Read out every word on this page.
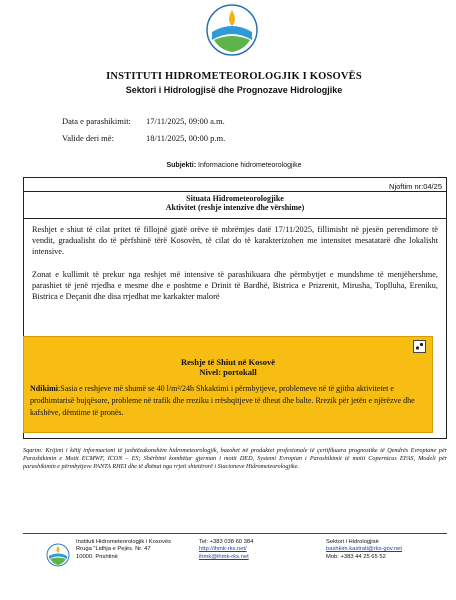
INSTITUTI HIDROMETEOROLOGJIK I KOSOVËS
Sektori i Hidrologjisë dhe Prognozave Hidrologjike
Data e parashikimit: 17/11/2025, 09:00 a.m.
Valide deri më:	18/11/2025, 00:00 p.m.
Subjekti: Informacione hidrometeorologjike
Njoftim nr:04/25
Situata Hidrometeorologjike
Aktivitet (reshje intenzive dhe vërshime)
Reshjet e shiut të cilat pritet të fillojnë gjatë orëve të mbrëmjes datë 17/11/2025, fillimisht në pjesën perendimore të vendit, gradualisht do të përfshinë tërë Kosovën, të cilat do të karakterizohen me intensitet mesatatarë dhe lokalisht intensive.
Zonat e kullimit të prekur nga reshjet më intensive të parashikuara dhe përmbytjet e mundshme të menjëhershme, parashiet të jenë rrjedha e mesme dhe e poshtme e Drinit të Bardhë, Bistrica e Prizrenit, Mirusha, Toplluha, Ereniku, Bistrica e Deçanit dhe disa rrjedhat me karkakter malorë
Reshje të Shiut në Kosovë
Nivel: portokall
Ndikimi:Sasia e reshjeve më shumë se 40 l/m²/24h Shkaktimi i përmbytjeve, problemeve në të gjitha aktivitetet e prodhimtarisë bujqësore, probleme në trafik dhe rreziku i rrëshqitjeve të dheut dhe balte. Rrezik për jetën e njërëzve dhe kafshëve, dëmtime të pronës.
Sqarim: Krijimi i këtij informacioni të jashtëzakonshëm hidrometeorologjik, bazohet në produktet profesionale të çertifikuara prognostike të Qendrës Evropiane për Parashikimin e Motit ECMWF, ICON – ES; Shërbimi kombëtar gjerman i motit DED, Systemi Evropian i Parashikimit të motit Copernicus EFAS, Modeli për parashikimin e përmbytjeve PANTA RHEI dhe të dhënat nga rrjeti shtetërorë i Stacioneve Hidrometeorologjike.
Instituti Hidrometeorologjik i Kosovës
Rruga "Lidhja e Pejës. Nr. 47
10000. Prishtinë
Tel: +383 038 60 384
http://ihmk-rks.net/
ihmk@ihmk-rks.net
Sektori i Hidrologjisë
bashkim.kastrati@rks-gov.net
Mob: +383 44 25 65 52
